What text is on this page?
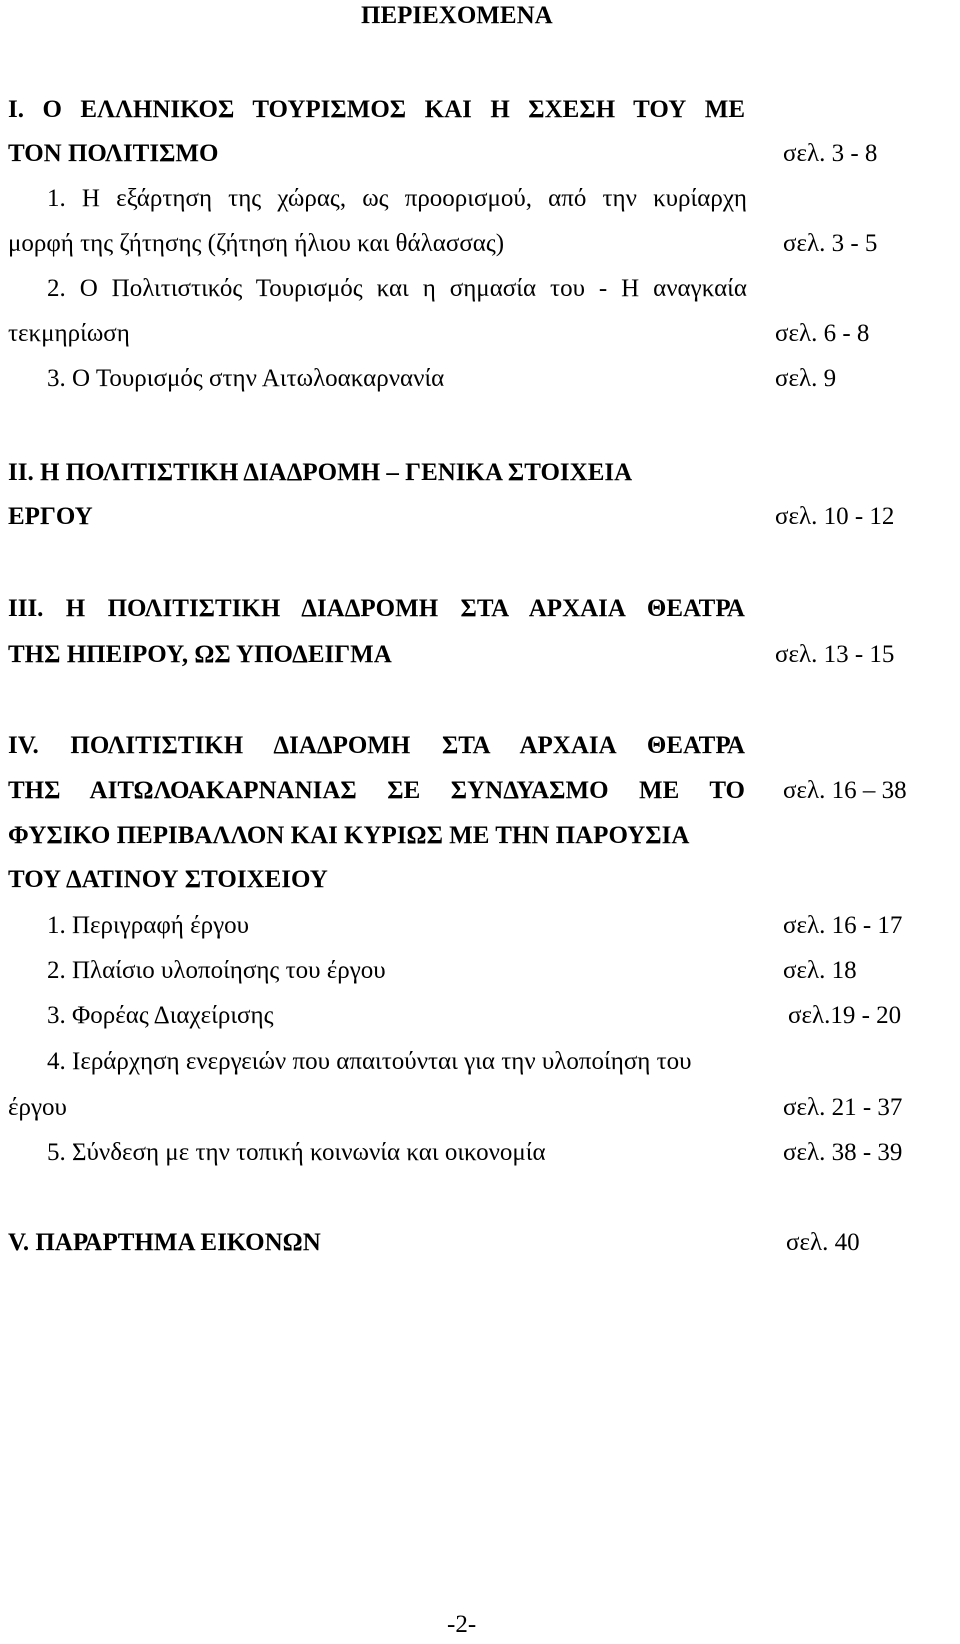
ΠΕΡΙΕΧΟΜΕΝΑ
I. Ο ΕΛΛΗΝΙΚΟΣ ΤΟΥΡΙΣΜΟΣ ΚΑΙ Η ΣΧΕΣΗ ΤΟΥ ΜΕ
ΤΟΝ ΠΟΛΙΤΙΣΜΟ	σελ. 3 - 8
1. Η εξάρτηση της χώρας, ως προορισμού, από την κυρίαρχη
μορφή της ζήτησης (ζήτηση ήλιου και θάλασσας)	σελ. 3 - 5
2. Ο Πολιτιστικός Τουρισμός και η σημασία του - Η αναγκαία
τεκμηρίωση	σελ. 6 - 8
3. Ο Τουρισμός στην Αιτωλοακαρνανία	σελ. 9
II. Η ΠΟΛΙΤΙΣΤΙΚΗ ΔΙΑΔΡΟΜΗ – ΓΕΝΙΚΑ ΣΤΟΙΧΕΙΑ
ΕΡΓΟΥ	σελ. 10 - 12
III. Η ΠΟΛΙΤΙΣΤΙΚΗ ΔΙΑΔΡΟΜΗ ΣΤΑ ΑΡΧΑΙΑ ΘΕΑΤΡΑ
ΤΗΣ ΗΠΕΙΡΟΥ, ΩΣ ΥΠΟΔΕΙΓΜΑ	σελ. 13 - 15
IV. ΠΟΛΙΤΙΣΤΙΚΗ ΔΙΑΔΡΟΜΗ ΣΤΑ ΑΡΧΑΙΑ ΘΕΑΤΡΑ
ΤΗΣ ΑΙΤΩΛΟΑΚΑΡΝΑΝΙΑΣ ΣΕ ΣΥΝΔΥΑΣΜΟ ΜΕ ΤΟ σελ. 16 – 38
ΦΥΣΙΚΟ ΠΕΡΙΒΑΛΛΟΝ ΚΑΙ ΚΥΡΙΩΣ ΜΕ ΤΗΝ ΠΑΡΟΥΣΙΑ
ΤΟΥ ΔΑΤΙΝΟΥ ΣΤΟΙΧΕΙΟΥ
1. Περιγραφή έργου	σελ. 16 - 17
2. Πλαίσιο υλοποίησης του έργου	σελ. 18
3. Φορέας Διαχείρισης	σελ.19 - 20
4. Ιεράρχηση ενεργειών που απαιτούνται για την υλοποίηση του
έργου	σελ. 21 - 37
5. Σύνδεση με την τοπική κοινωνία και οικονομία	σελ. 38 - 39
V. ΠΑΡΑΡΤΗΜΑ ΕΙΚΟΝΩΝ	σελ. 40
-2-
